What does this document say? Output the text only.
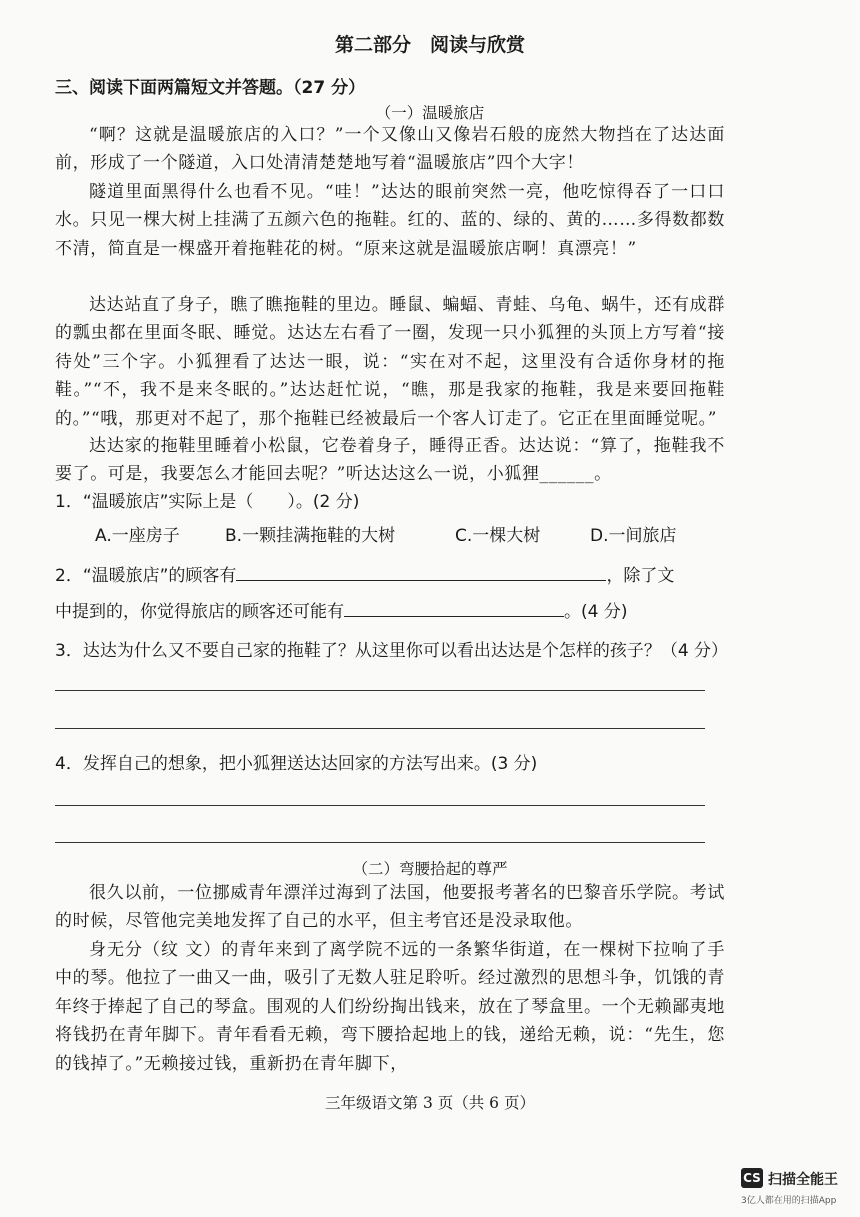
第二部分　阅读与欣赏
三、阅读下面两篇短文并答题。（27 分）
（一）温暖旅店

“啊？这就是温暖旅店的入口？”一个又像山又像岩石般的庞然大物挡在了达达面前，形成了一个隧道，入口处清清楚楚地写着“温暖旅店”四个大字！

隧道里面黑得什么也看不见。“哇！”达达的眼前突然一亮，他吃惊得吞了一口口水。只见一棵大树上挂满了五颜六色的拖鞋。红的、蓝的、绿的、黄的……多得数都数不清，简直是一棵盛开着拖鞋花的树。“原来这就是温暖旅店啊！真漂亮！”

达达站直了身子，瞧了瞧拖鞋的里边。睡鼠、蝙蝠、青蛙、乌龟、蜗牛，还有成群的瓢虫都在里面冬眠、睡觉。达达左右看了一圈，发现一只小狐狸的头顶上方写着“接待处”三个字。小狐狸看了达达一眼，说：“实在对不起，这里没有合适你身材的拖鞋。”“不，我不是来冬眠的。”达达赶忙说，“瞧，那是我家的拖鞋，我是来要回拖鞋的。”“哦，那更对不起了，那个拖鞋已经被最后一个客人订走了。它正在里面睡觉呢。”

达达家的拖鞋里睡着小松鼠，它卷着身子，睡得正香。达达说：“算了，拖鞋我不要了。可是，我要怎么才能回去呢？”听达达这么一说，小狐狸______。

1．“温暖旅店”实际上是（　　）。(2 分)
A.一座房子	B.一颗挂满拖鞋的大树	C.一棵大树	D.一间旅店
2．“温暖旅店”的顾客有	，除了文
中提到的，你觉得旅店的顾客还可能有	。(4 分)
3．达达为什么又不要自己家的拖鞋了？从这里你可以看出达达是个怎样的孩子？（4 分）
4．发挥自己的想象，把小狐狸送达达回家的方法写出来。(3 分)
（二）弯腰拾起的尊严

很久以前，一位挪威青年漂洋过海到了法国，他要报考著名的巴黎音乐学院。考试的时候，尽管他完美地发挥了自己的水平，但主考官还是没录取他。

身无分（纹 文）的青年来到了离学院不远的一条繁华街道，在一棵树下拉响了手中的琴。他拉了一曲又一曲，吸引了无数人驻足聆听。经过激烈的思想斗争，饥饿的青年终于捧起了自己的琴盒。围观的人们纷纷掏出钱来，放在了琴盒里。一个无赖鄙夷地将钱扔在青年脚下。青年看看无赖，弯下腰拾起地上的钱，递给无赖，说：“先生，您的钱掉了。”无赖接过钱，重新扔在青年脚下，

三年级语文第 3 页（共 6 页）
CS 扫描全能王
3亿人都在用的扫描App
